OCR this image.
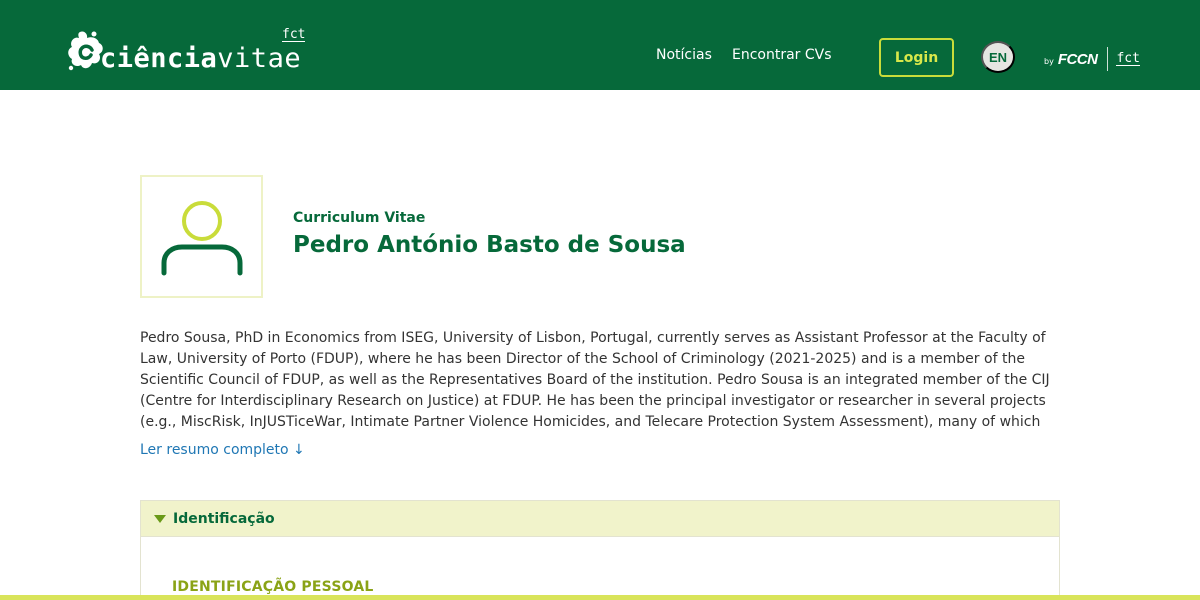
ciênciavitae
fct
Notícias Encontrar CVs	Login	EN	by FCCN fct
Curriculum Vitae
Pedro António Basto de Sousa

Pedro Sousa, PhD in Economics from ISEG, University of Lisbon, Portugal, currently serves as Assistant Professor at the Faculty of Law, University of Porto (FDUP), where he has been Director of the School of Criminology (2021-2025) and is a member of the Scientific Council of FDUP, as well as the Representatives Board of the institution. Pedro Sousa is an integrated member of the CIJ (Centre for Interdisciplinary Research on Justice) at FDUP. He has been the principal investigator or researcher in several projects (e.g., MiscRisk, InJUSTiceWar, Intimate Partner Violence Homicides, and Telecare Protection System Assessment), many of which

Ler resumo completo ↓
Identificação
IDENTIFICAÇÃO PESSOAL
